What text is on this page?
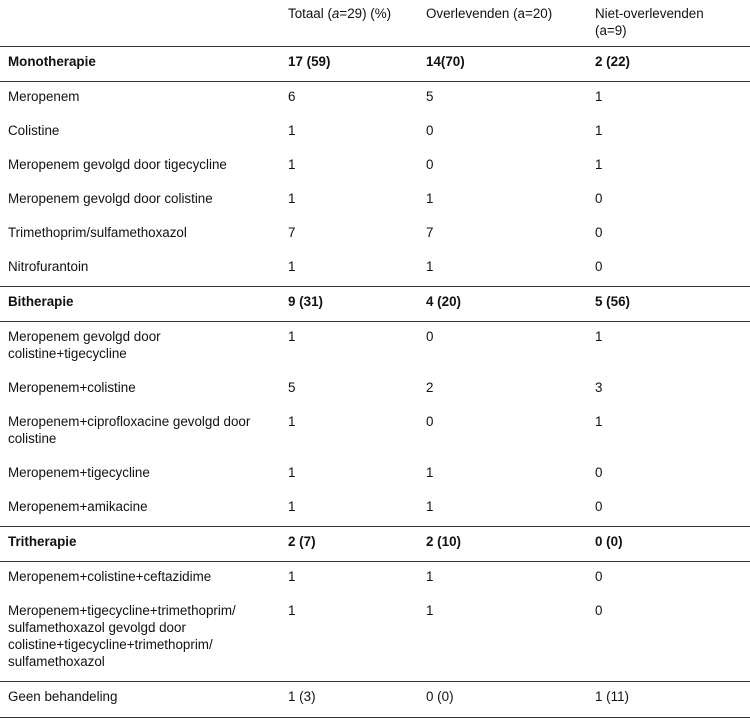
	Totaal (a=29) (%)	Overlevenden (a=20)	Niet-overlevenden
(a=9)

Monotherapie	17 (59)	14(70)	2 (22)

Meropenem	6	5	1

Colistine	1	0	1

Meropenem gevolgd door tigecycline	1	0	1

Meropenem gevolgd door colistine	1	1	0

Trimethoprim/sulfamethoxazol	7	7	0

Nitrofurantoin	1	1	0
Bitherapie	9 (31)	4 (20)	5 (56)

Meropenem gevolgd door
colistine+tigecycline	1	0	1

Meropenem+colistine	5	2	3

Meropenem+ciprofloxacine gevolgd door
colistine	1	0	1

Meropenem+tigecycline	1	1	0

Meropenem+amikacine	1	1	0
Tritherapie	2 (7)	2 (10)	0 (0)

Meropenem+colistine+ceftazidime	1	1	0

Meropenem+tigecycline+trimethoprim/
sulfamethoxazol gevolgd door
colistine+tigecycline+trimethoprim/
sulfamethoxazol	1	1	0
Geen behandeling	1 (3)	0 (0)	1 (11)
